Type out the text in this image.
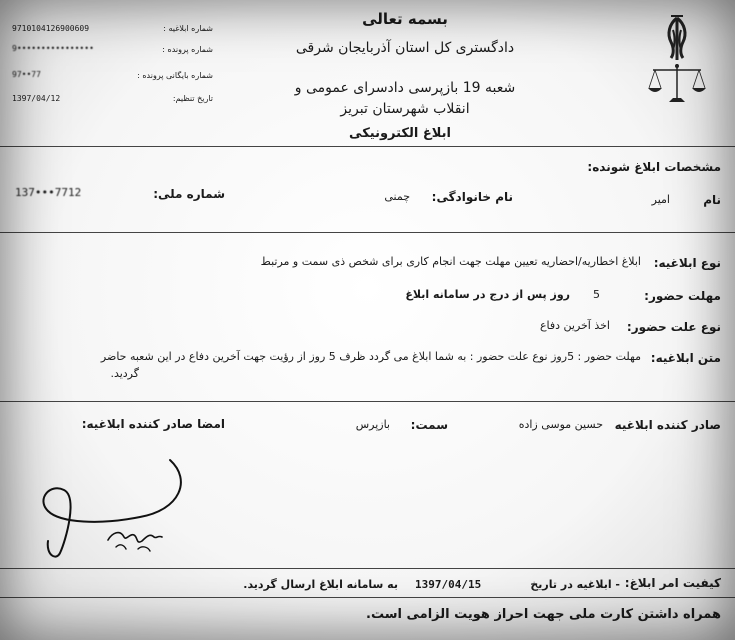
9710104126900609
9••••••••••••••••
97••77
1397/04/12
شماره ابلاغیه :
شماره پرونده :
شماره بایگانی پرونده :
تاریخ تنظیم:
بسمه تعالی
دادگستری کل استان آذربایجان شرقی
شعبه 19 بازپرسی دادسرای عمومی و
انقلاب شهرستان تبریز
ابلاغ الکترونیکی
مشخصات ابلاغ شونده:
نام
امیر
نام خانوادگی:
چمنی
شماره ملی:
137•••7712
نوع ابلاغیه:
ابلاغ اخطاریه/احضاریه تعیین مهلت جهت انجام کاری برای شخص ذی سمت و مرتبط
مهلت حضور:
5
روز پس از درج در سامانه ابلاغ
نوع علت حضور:
اخذ آخرین دفاع
متن ابلاغیه:
مهلت حضور : 5روز نوع علت حضور : به شما ابلاغ می گردد ظرف 5 روز از رؤیت جهت آخرین دفاع در این شعبه حاضر
گردید.
صادر کننده ابلاغیه
حسین موسی زاده
سمت:
بازپرس
امضا صادر کننده ابلاغیه:
کیفیت امر ابلاغ:
- ابلاغیه در تاریخ
1397/04/15
به سامانه ابلاغ ارسال گردید.
همراه داشتن کارت ملی جهت احراز هویت الزامی است.
